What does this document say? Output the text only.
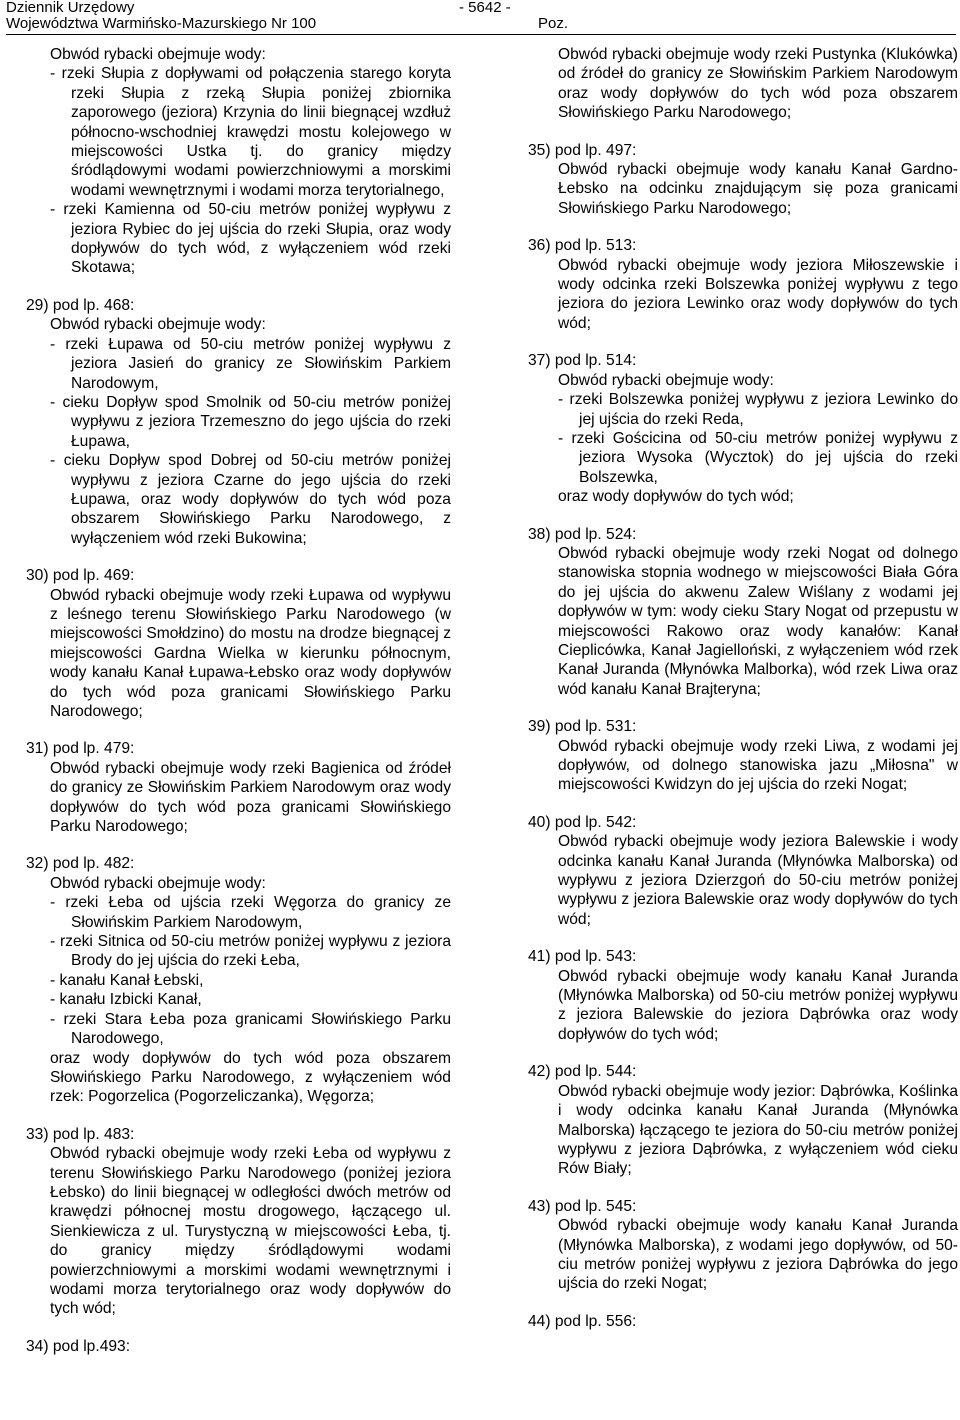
Dziennik Urzędowy
Województwa Warmińsko-Mazurskiego Nr 100
- 5642 -
Poz.
Obwód rybacki obejmuje wody:
- rzeki Słupia z dopływami od połączenia starego koryta rzeki Słupia z rzeką Słupia poniżej zbiornika zaporowego (jeziora) Krzynia do linii biegnącej wzdłuż północno-wschodniej krawędzi mostu kolejowego w miejscowości Ustka tj. do granicy między śródlądowymi wodami powierzchniowymi a morskimi wodami wewnętrznymi i wodami morza terytorialnego,
- rzeki Kamienna od 50-ciu metrów poniżej wypływu z jeziora Rybiec do jej ujścia do rzeki Słupia, oraz wody dopływów do tych wód, z wyłączeniem wód rzeki Skotawa;
29) pod lp. 468:
Obwód rybacki obejmuje wody:
- rzeki Łupawa od 50-ciu metrów poniżej wypływu z jeziora Jasień do granicy ze Słowińskim Parkiem Narodowym,
- cieku Dopływ spod Smolnik od 50-ciu metrów poniżej wypływu z jeziora Trzemeszno do jego ujścia do rzeki Łupawa,
- cieku Dopływ spod Dobrej od 50-ciu metrów poniżej wypływu z jeziora Czarne do jego ujścia do rzeki Łupawa, oraz wody dopływów do tych wód poza obszarem Słowińskiego Parku Narodowego, z wyłączeniem wód rzeki Bukowina;
30) pod lp. 469:
Obwód rybacki obejmuje wody rzeki Łupawa od wypływu z leśnego terenu Słowińskiego Parku Narodowego (w miejscowości Smołdzino) do mostu na drodze biegnącej z miejscowości Gardna Wielka w kierunku północnym, wody kanału Kanał Łupawa-Łebsko oraz wody dopływów do tych wód poza granicami Słowińskiego Parku Narodowego;
31) pod lp. 479:
Obwód rybacki obejmuje wody rzeki Bagienica od źródeł do granicy ze Słowińskim Parkiem Narodowym oraz wody dopływów do tych wód poza granicami Słowińskiego Parku Narodowego;
32) pod lp. 482:
Obwód rybacki obejmuje wody:
- rzeki Łeba od ujścia rzeki Węgorza do granicy ze Słowińskim Parkiem Narodowym,
- rzeki Sitnica od 50-ciu metrów poniżej wypływu z jeziora Brody do jej ujścia do rzeki Łeba,
- kanału Kanał Łebski,
- kanału Izbicki Kanał,
- rzeki Stara Łeba poza granicami Słowińskiego Parku Narodowego,
oraz wody dopływów do tych wód poza obszarem Słowińskiego Parku Narodowego, z wyłączeniem wód rzek: Pogorzelica (Pogorzeliczanka), Węgorza;
33) pod lp. 483:
Obwód rybacki obejmuje wody rzeki Łeba od wypływu z terenu Słowińskiego Parku Narodowego (poniżej jeziora Łebsko) do linii biegnącej w odległości dwóch metrów od krawędzi północnej mostu drogowego, łączącego ul. Sienkiewicza z ul. Turystyczną w miejscowości Łeba, tj. do granicy między śródlądowymi wodami powierzchniowymi a morskimi wodami wewnętrznymi i wodami morza terytorialnego oraz wody dopływów do tych wód;
34) pod lp.493:
Obwód rybacki obejmuje wody rzeki Pustynka (Klukówka) od źródeł do granicy ze Słowińskim Parkiem Narodowym oraz wody dopływów do tych wód poza obszarem Słowińskiego Parku Narodowego;
35) pod lp. 497:
Obwód rybacki obejmuje wody kanału Kanał Gardno-Łebsko na odcinku znajdującym się poza granicami Słowińskiego Parku Narodowego;
36) pod lp. 513:
Obwód rybacki obejmuje wody jeziora Miłoszewskie i wody odcinka rzeki Bolszewka poniżej wypływu z tego jeziora do jeziora Lewinko oraz wody dopływów do tych wód;
37) pod lp. 514:
Obwód rybacki obejmuje wody:
- rzeki Bolszewka poniżej wypływu z jeziora Lewinko do jej ujścia do rzeki Reda,
- rzeki Gościcina od 50-ciu metrów poniżej wypływu z jeziora Wysoka (Wycztok) do jej ujścia do rzeki Bolszewka,
oraz wody dopływów do tych wód;
38) pod lp. 524:
Obwód rybacki obejmuje wody rzeki Nogat od dolnego stanowiska stopnia wodnego w miejscowości Biała Góra do jej ujścia do akwenu Zalew Wiślany z wodami jej dopływów w tym: wody cieku Stary Nogat od przepustu w miejscowości Rakowo oraz wody kanałów: Kanał Cieplicówka, Kanał Jagielloński, z wyłączeniem wód rzek Kanał Juranda (Młynówka Malborka), wód rzek Liwa oraz wód kanału Kanał Brajteryna;
39) pod lp. 531:
Obwód rybacki obejmuje wody rzeki Liwa, z wodami jej dopływów, od dolnego stanowiska jazu „Miłosna" w miejscowości Kwidzyn do jej ujścia do rzeki Nogat;
40) pod lp. 542:
Obwód rybacki obejmuje wody jeziora Balewskie i wody odcinka kanału Kanał Juranda (Młynówka Malborska) od wypływu z jeziora Dzierzgoń do 50-ciu metrów poniżej wypływu z jeziora Balewskie oraz wody dopływów do tych wód;
41) pod lp. 543:
Obwód rybacki obejmuje wody kanału Kanał Juranda (Młynówka Malborska) od 50-ciu metrów poniżej wypływu z jeziora Balewskie do jeziora Dąbrówka oraz wody dopływów do tych wód;
42) pod lp. 544:
Obwód rybacki obejmuje wody jezior: Dąbrówka, Koślinka i wody odcinka kanału Kanał Juranda (Młynówka Malborska) łączącego te jeziora do 50-ciu metrów poniżej wypływu z jeziora Dąbrówka, z wyłączeniem wód cieku Rów Biały;
43) pod lp. 545:
Obwód rybacki obejmuje wody kanału Kanał Juranda (Młynówka Malborska), z wodami jego dopływów, od 50-ciu metrów poniżej wypływu z jeziora Dąbrówka do jego ujścia do rzeki Nogat;
44) pod lp. 556:
